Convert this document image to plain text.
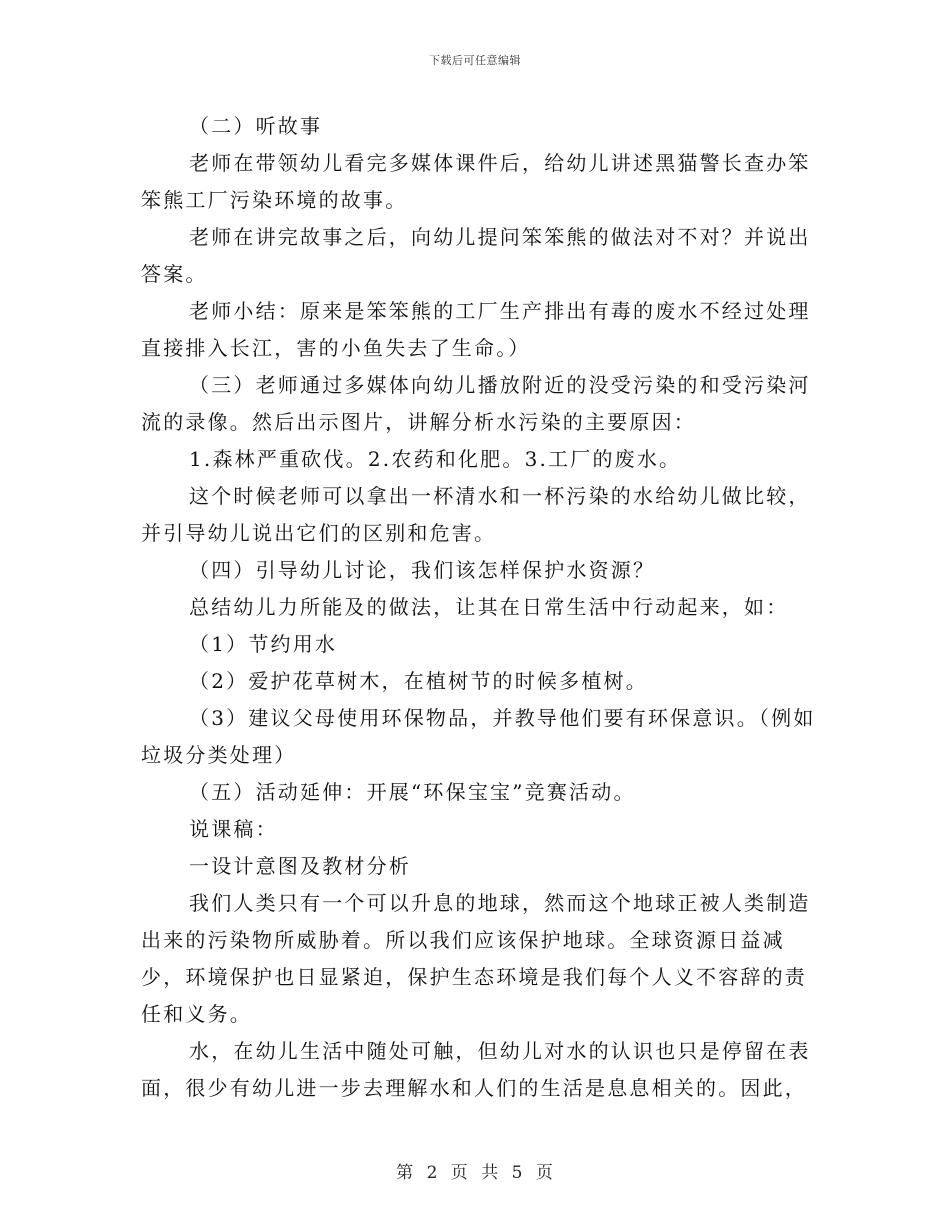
下载后可任意编辑

（二）听故事

老师在带领幼儿看完多媒体课件后，给幼儿讲述黑猫警长查办笨笨熊工厂污染环境的故事。

老师在讲完故事之后，向幼儿提问笨笨熊的做法对不对？并说出答案。

老师小结：原来是笨笨熊的工厂生产排出有毒的废水不经过处理直接排入长江，害的小鱼失去了生命。）

（三）老师通过多媒体向幼儿播放附近的没受污染的和受污染河流的录像。然后出示图片，讲解分析水污染的主要原因：

1.森林严重砍伐。2.农药和化肥。3.工厂的废水。

这个时候老师可以拿出一杯清水和一杯污染的水给幼儿做比较，并引导幼儿说出它们的区别和危害。

（四）引导幼儿讨论，我们该怎样保护水资源？

总结幼儿力所能及的做法，让其在日常生活中行动起来，如：

（1）节约用水

（2）爱护花草树木，在植树节的时候多植树。

（3）建议父母使用环保物品，并教导他们要有环保意识。（例如垃圾分类处理）

（五）活动延伸：开展“环保宝宝”竞赛活动。

说课稿：

一设计意图及教材分析

我们人类只有一个可以升息的地球，然而这个地球正被人类制造出来的污染物所威胁着。所以我们应该保护地球。全球资源日益减少，环境保护也日显紧迫，保护生态环境是我们每个人义不容辞的责任和义务。

水，在幼儿生活中随处可触，但幼儿对水的认识也只是停留在表面，很少有幼儿进一步去理解水和人们的生活是息息相关的。因此，

第 2 页 共 5 页
